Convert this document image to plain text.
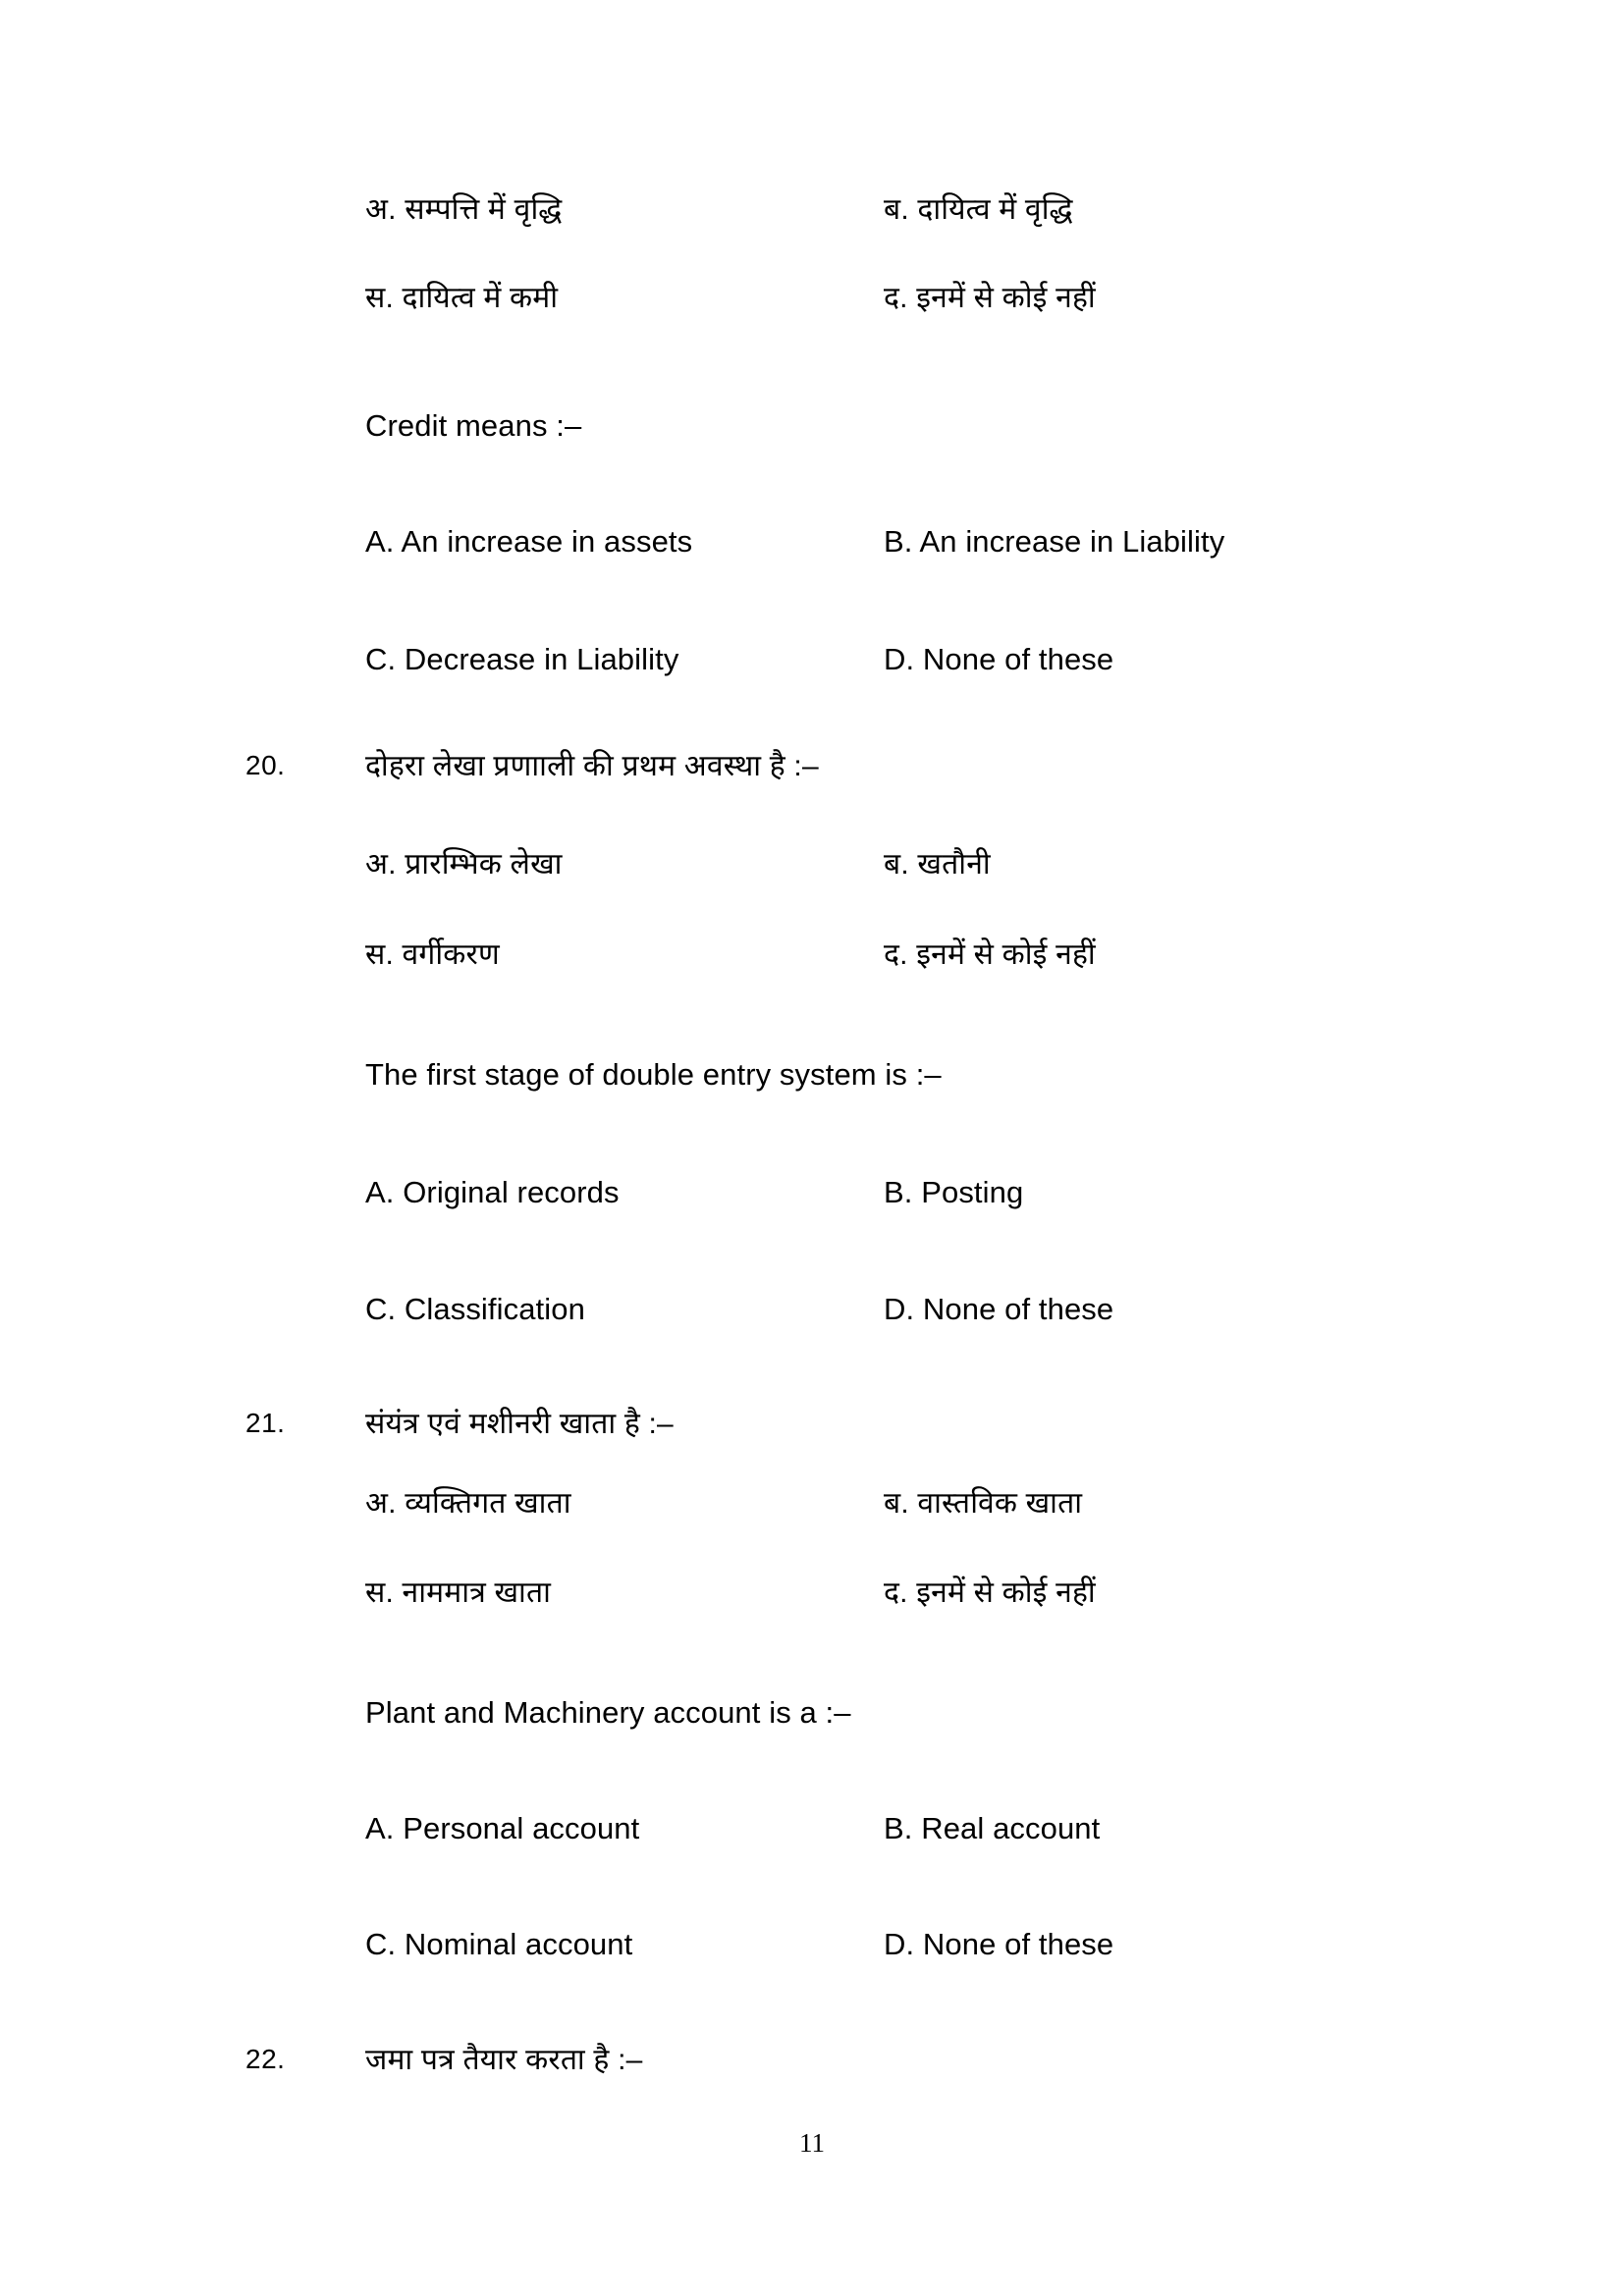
अ. सम्पत्ति में वृद्धि	ब. दायित्व में वृद्धि
स. दायित्व में कमी	द. इनमें से कोई नहीं
Credit means :–
A. An increase in assets	B. An increase in Liability
C. Decrease in Liability	D. None of these
20.	दोहरा लेखा प्रणााली की प्रथम अवस्था है :–
अ. प्रारम्भिक लेखा	ब. खतौनी
स. वर्गीकरण	द. इनमें से कोई नहीं
The first stage of double entry system is :–
A. Original records	B. Posting
C. Classification	D. None of these
21.	संयंत्र एवं मशीनरी खाता है :–
अ. व्यक्तिगत खाता	ब. वास्तविक खाता
स. नाममात्र खाता	द. इनमें से कोई नहीं
Plant and Machinery account is a :–
A. Personal account	B. Real account
C. Nominal account	D. None of these
22.	जमा पत्र तैयार करता है :–
11
